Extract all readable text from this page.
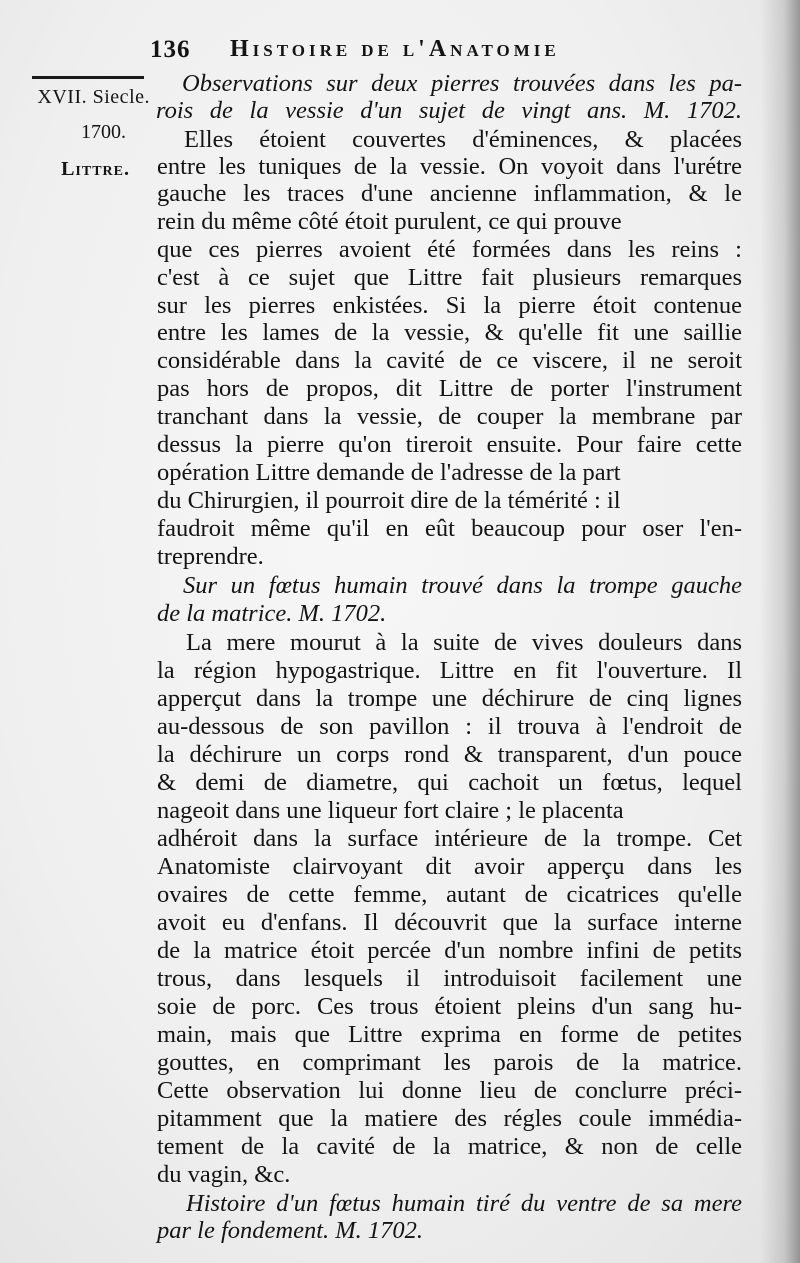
136 Histoire de l'Anatomie
XVII. Siecle.
1700.
Littre.
Observations sur deux pierres trouvées dans les pa-
rois de la vessie d'un sujet de vingt ans. M. 1702.
Elles étoient couvertes d'éminences, & placées
entre les tuniques de la vessie. On voyoit dans l'urétre
gauche les traces d'une ancienne inflammation, & le
rein du même côté étoit purulent, ce qui prouve
que ces pierres avoient été formées dans les reins :
c'est à ce sujet que Littre fait plusieurs remarques
sur les pierres enkistées. Si la pierre étoit contenue
entre les lames de la vessie, & qu'elle fit une saillie
considérable dans la cavité de ce viscere, il ne seroit
pas hors de propos, dit Littre de porter l'instrument
tranchant dans la vessie, de couper la membrane par
dessus la pierre qu'on tireroit ensuite. Pour faire cette
opération Littre demande de l'adresse de la part
du Chirurgien, il pourroit dire de la témérité : il
faudroit même qu'il en eût beaucoup pour oser l'en-
treprendre.
Sur un fœtus humain trouvé dans la trompe gauche
de la matrice. M. 1702.
La mere mourut à la suite de vives douleurs dans
la région hypogastrique. Littre en fit l'ouverture. Il
apperçut dans la trompe une déchirure de cinq lignes
au-dessous de son pavillon : il trouva à l'endroit de
la déchirure un corps rond & transparent, d'un pouce
& demi de diametre, qui cachoit un fœtus, lequel
nageoit dans une liqueur fort claire ; le placenta
adhéroit dans la surface intérieure de la trompe. Cet
Anatomiste clairvoyant dit avoir apperçu dans les
ovaires de cette femme, autant de cicatrices qu'elle
avoit eu d'enfans. Il découvrit que la surface interne
de la matrice étoit percée d'un nombre infini de petits
trous, dans lesquels il introduisoit facilement une
soie de porc. Ces trous étoient pleins d'un sang hu-
main, mais que Littre exprima en forme de petites
gouttes, en comprimant les parois de la matrice.
Cette observation lui donne lieu de conclurre préci-
pitamment que la matiere des régles coule immédia-
tement de la cavité de la matrice, & non de celle
du vagin, &c.
Histoire d'un fœtus humain tiré du ventre de sa mere
par le fondement. M. 1702.
